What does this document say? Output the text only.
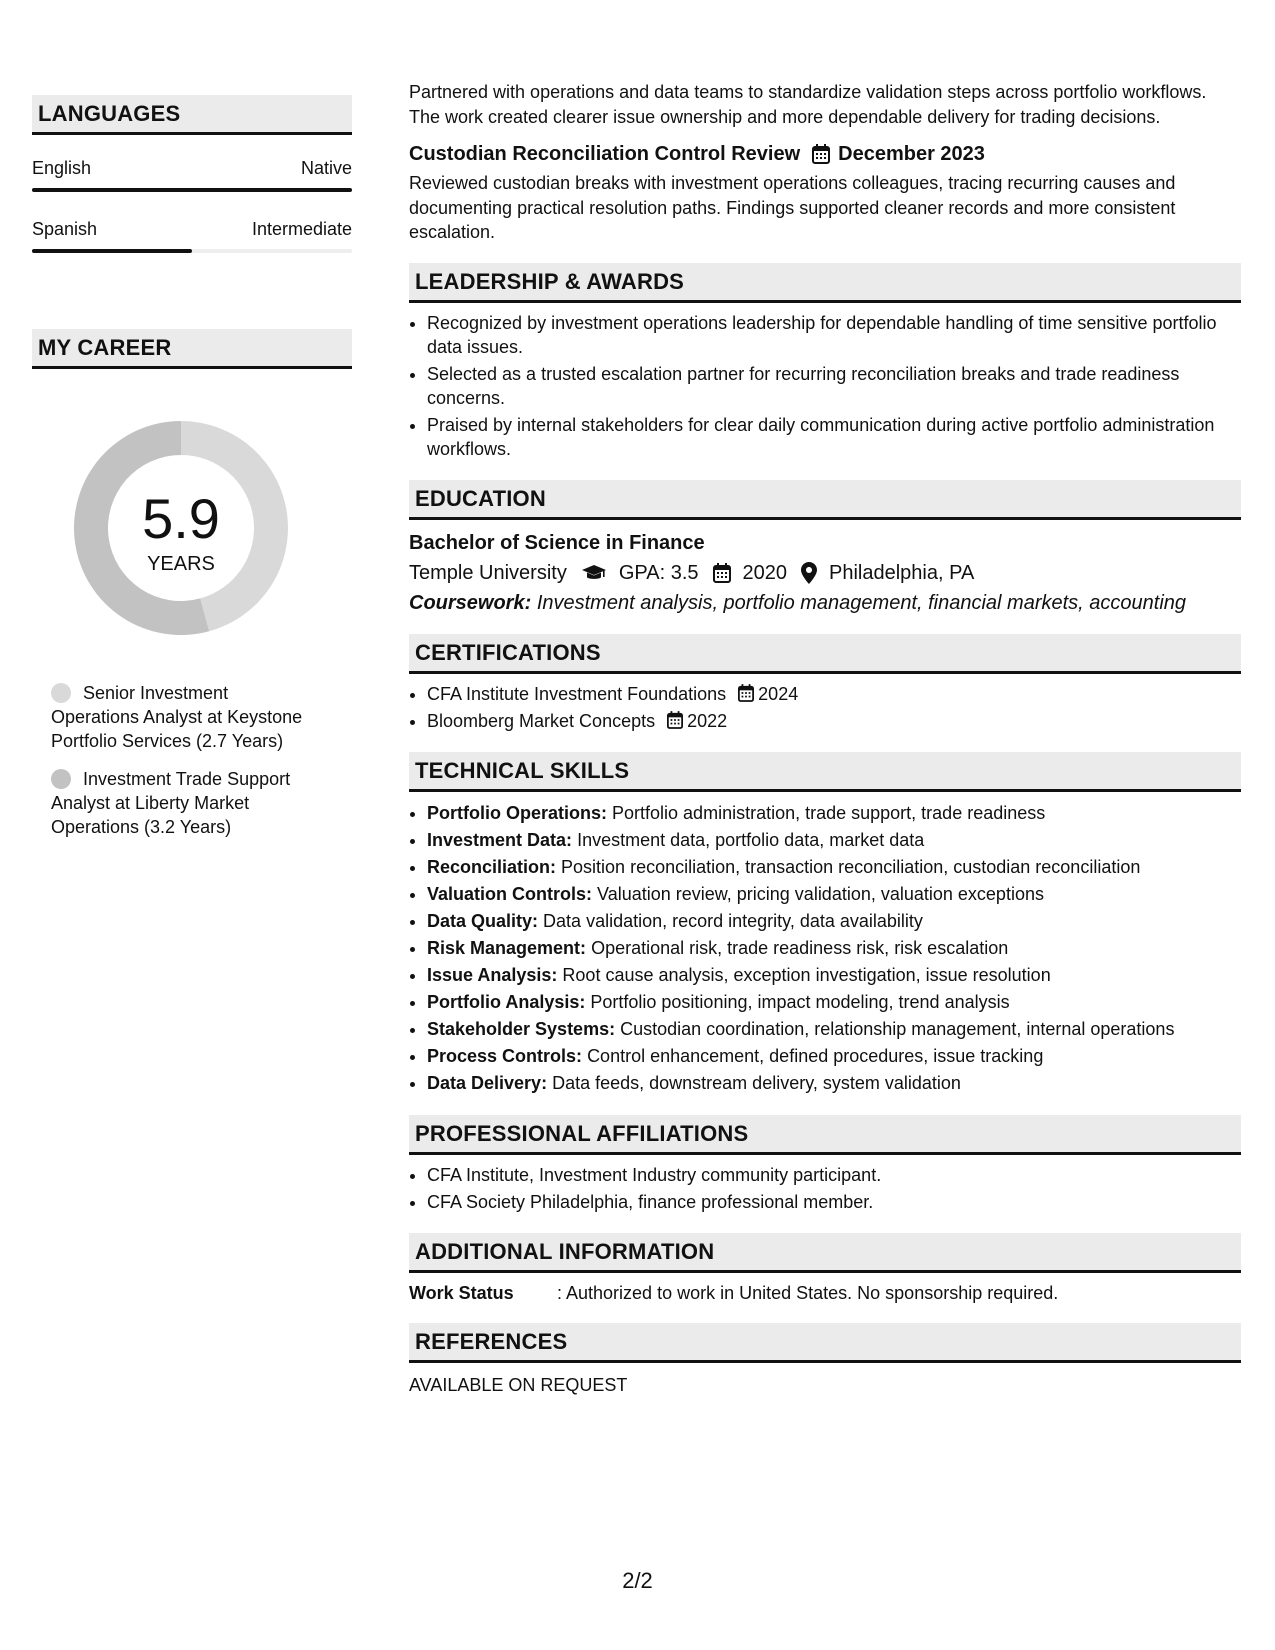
LANGUAGES
English	Native
Spanish	Intermediate
MY CAREER
5.9
YEARS
Senior Investment Operations Analyst at Keystone Portfolio Services (2.7 Years)
Investment Trade Support Analyst at Liberty Market Operations (3.2 Years)
Partnered with operations and data teams to standardize validation steps across portfolio workflows. The work created clearer issue ownership and more dependable delivery for trading decisions.
Custodian Reconciliation Control Review December 2023
Reviewed custodian breaks with investment operations colleagues, tracing recurring causes and documenting practical resolution paths. Findings supported cleaner records and more consistent escalation.
LEADERSHIP & AWARDS
• Recognized by investment operations leadership for dependable handling of time sensitive portfolio data issues.
• Selected as a trusted escalation partner for recurring reconciliation breaks and trade readiness concerns.
• Praised by internal stakeholders for clear daily communication during active portfolio administration workflows.
EDUCATION
Bachelor of Science in Finance
Temple University	GPA: 3.5 2020 Philadelphia, PA
Coursework: Investment analysis, portfolio management, financial markets, accounting
CERTIFICATIONS
• CFA Institute Investment Foundations 2024
• Bloomberg Market Concepts 2022
TECHNICAL SKILLS
• Portfolio Operations: Portfolio administration, trade support, trade readiness
• Investment Data: Investment data, portfolio data, market data
• Reconciliation: Position reconciliation, transaction reconciliation, custodian reconciliation
• Valuation Controls: Valuation review, pricing validation, valuation exceptions
• Data Quality: Data validation, record integrity, data availability
• Risk Management: Operational risk, trade readiness risk, risk escalation
• Issue Analysis: Root cause analysis, exception investigation, issue resolution
• Portfolio Analysis: Portfolio positioning, impact modeling, trend analysis
• Stakeholder Systems: Custodian coordination, relationship management, internal operations
• Process Controls: Control enhancement, defined procedures, issue tracking
• Data Delivery: Data feeds, downstream delivery, system validation
PROFESSIONAL AFFILIATIONS
• CFA Institute, Investment Industry community participant.
• CFA Society Philadelphia, finance professional member.
ADDITIONAL INFORMATION
Work Status	: Authorized to work in United States. No sponsorship required.
REFERENCES
AVAILABLE ON REQUEST
2/2
